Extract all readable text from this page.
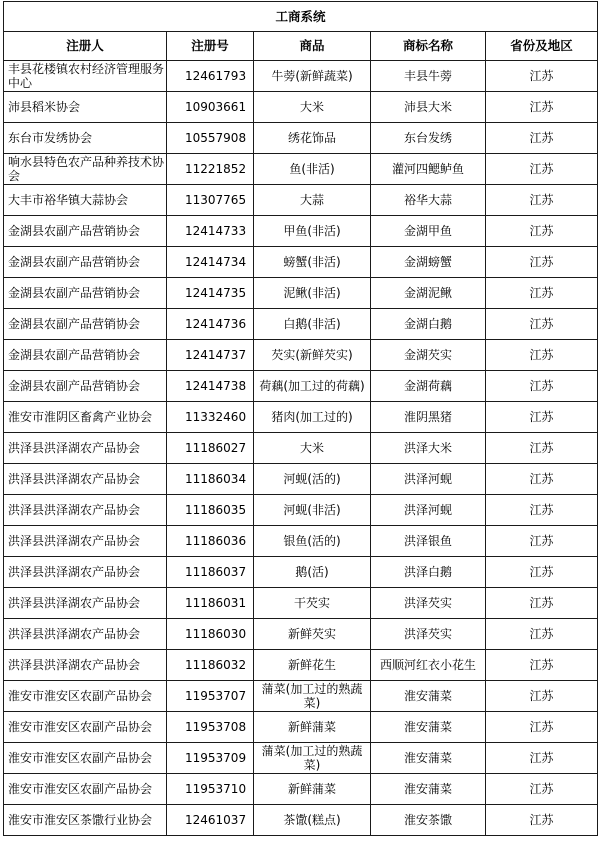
工商系统				
注册人	注册号	商品	商标名称	省份及地区
丰县花楼镇农村经济管理服务中心	12461793	牛蒡(新鲜蔬菜)	丰县牛蒡	江苏
沛县稻米协会	10903661	大米	沛县大米	江苏
东台市发绣协会	10557908	绣花饰品	东台发绣	江苏
响水县特色农产品种养技术协会	11221852	鱼(非活)	灌河四鳃鲈鱼	江苏
大丰市裕华镇大蒜协会	11307765	大蒜	裕华大蒜	江苏
金湖县农副产品营销协会	12414733	甲鱼(非活)	金湖甲鱼	江苏
金湖县农副产品营销协会	12414734	螃蟹(非活)	金湖螃蟹	江苏
金湖县农副产品营销协会	12414735	泥鳅(非活)	金湖泥鳅	江苏
金湖县农副产品营销协会	12414736	白鹅(非活)	金湖白鹅	江苏
金湖县农副产品营销协会	12414737	芡实(新鲜芡实)	金湖芡实	江苏
金湖县农副产品营销协会	12414738	荷藕(加工过的荷藕)	金湖荷藕	江苏
淮安市淮阴区畜禽产业协会	11332460	猪肉(加工过的)	淮阴黑猪	江苏
洪泽县洪泽湖农产品协会	11186027	大米	洪泽大米	江苏
洪泽县洪泽湖农产品协会	11186034	河蚬(活的)	洪泽河蚬	江苏
洪泽县洪泽湖农产品协会	11186035	河蚬(非活)	洪泽河蚬	江苏
洪泽县洪泽湖农产品协会	11186036	银鱼(活的)	洪泽银鱼	江苏
洪泽县洪泽湖农产品协会	11186037	鹅(活)	洪泽白鹅	江苏
洪泽县洪泽湖农产品协会	11186031	干芡实	洪泽芡实	江苏
洪泽县洪泽湖农产品协会	11186030	新鲜芡实	洪泽芡实	江苏
洪泽县洪泽湖农产品协会	11186032	新鲜花生	西顺河红衣小花生	江苏
淮安市淮安区农副产品协会	11953707	蒲菜(加工过的熟蔬菜)	淮安蒲菜	江苏
淮安市淮安区农副产品协会	11953708	新鲜蒲菜	淮安蒲菜	江苏
淮安市淮安区农副产品协会	11953709	蒲菜(加工过的熟蔬菜)	淮安蒲菜	江苏
淮安市淮安区农副产品协会	11953710	新鲜蒲菜	淮安蒲菜	江苏
淮安市淮安区茶馓行业协会	12461037	茶馓(糕点)	淮安茶馓	江苏
